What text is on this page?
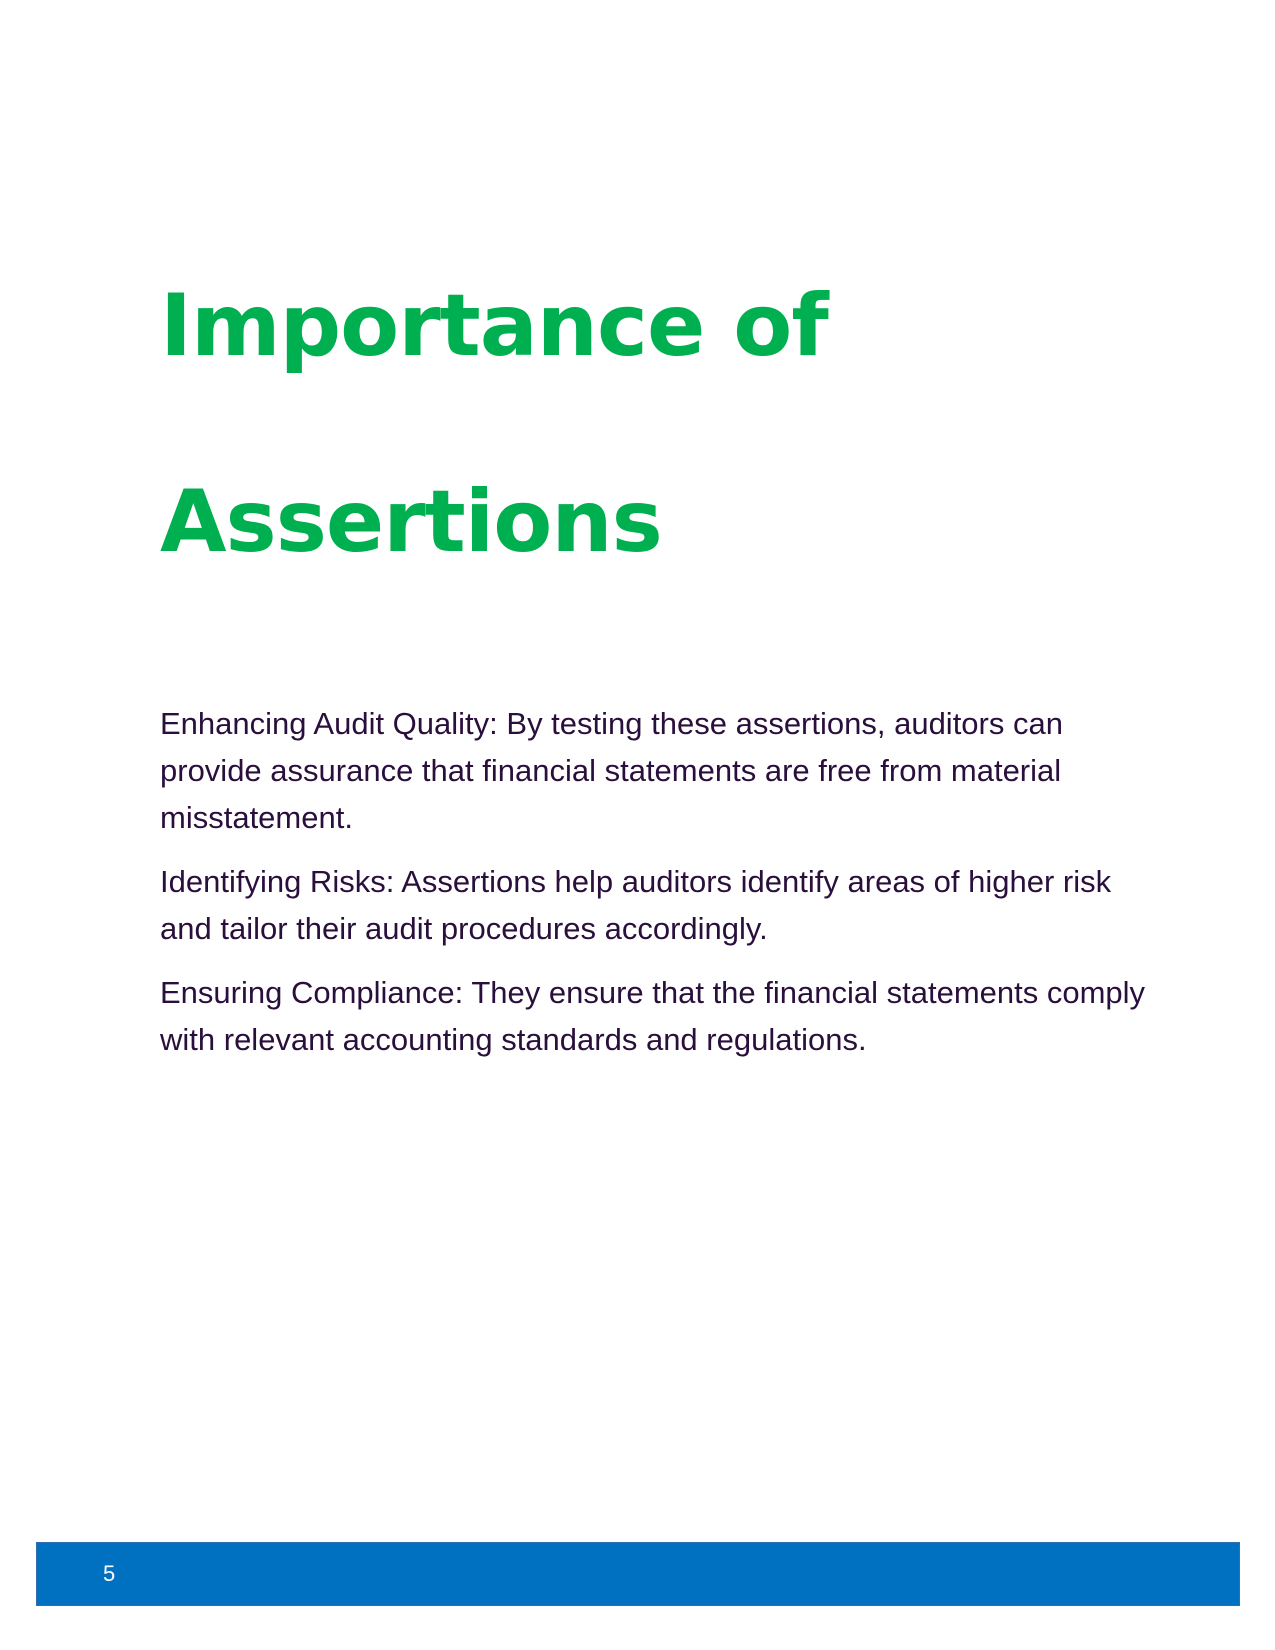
Importance of
Assertions

Enhancing Audit Quality: By testing these assertions, auditors can provide assurance that financial statements are free from material misstatement.

Identifying Risks: Assertions help auditors identify areas of higher risk and tailor their audit procedures accordingly.

Ensuring Compliance: They ensure that the financial statements comply with relevant accounting standards and regulations.

5
